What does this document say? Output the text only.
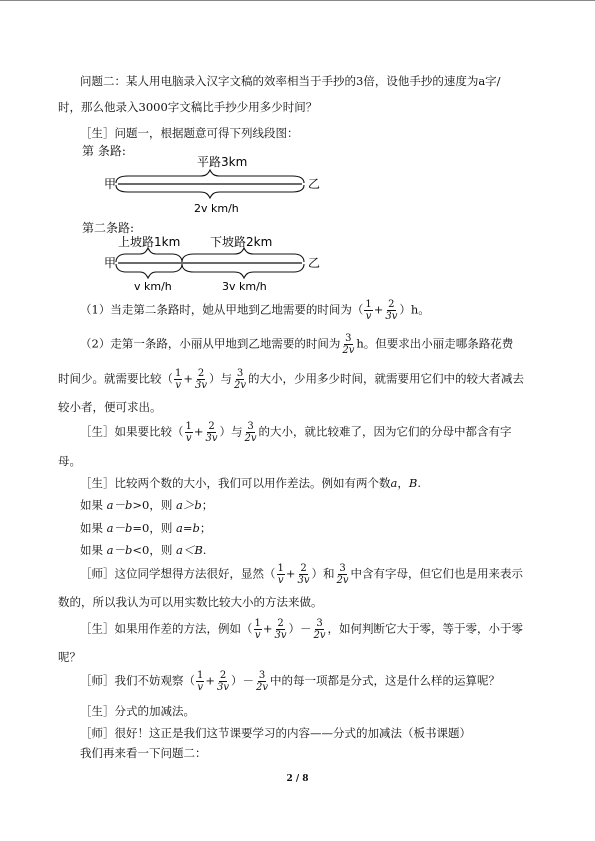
问题二：某人用电脑录入汉字文稿的效率相当于手抄的3倍，设他手抄的速度为a字/
时，那么他录入3000字文稿比手抄少用多少时间？
［生］问题一，根据题意可得下列线段图：
第 条路:
平路3km
甲	乙
2v km/h
第二条路:
上坡路1km 下坡路2km
甲	乙
v km/h	3v km/h
（1）当走第二条路时，她从甲地到乙地需要的时间为（ $\frac{1}{v} + \frac{2}{3v} )h$。
（2）走第一条路，小丽从甲地到乙地需要的时间为 $\frac{3}{2v}$ h。但要求出小丽走哪条路花费
时间少。就需要比较（ $\frac{1}{v} + \frac{2}{3v}$ ）与 $\frac{3}{2v}$ 的大小，少用多少时间，就需要用它们中的较大者减去
较小者，便可求出。
［生］如果要比较（ $\frac{1}{v} + \frac{2}{3v}$ ）与 $\frac{3}{2v}$ 的大小，就比较难了，因为它们的分母中都含有字
母。
［生］比较两个数的大小，我们可以用作差法。例如有两个数a，B.
如果 a－b>0，则 a＞b；
如果 a－b=0，则 a=b；
如果 a－b<0，则 a＜B.
［师］这位同学想得方法很好，显然（ $\frac{1}{v} + \frac{2}{3v}$ ）和 $\frac{3}{2v}$ 中含有字母，但它们也是用来表示
数的，所以我认为可以用实数比较大小的方法来做。
［生］如果用作差的方法，例如（ $\frac{1}{v} + \frac{2}{3v}$ ）－ $\frac{3}{2v}$ ，如何判断它大于零，等于零，小于零
呢？
［师］我们不妨观察（ $\frac{1}{v} + \frac{2}{3v}$ ）－ $\frac{3}{2v}$ 中的每一项都是分式，这是什么样的运算呢？
［生］分式的加减法。
［师］很好！这正是我们这节课要学习的内容——分式的加减法（板书课题）
我们再来看一下问题二：
2 / 8
